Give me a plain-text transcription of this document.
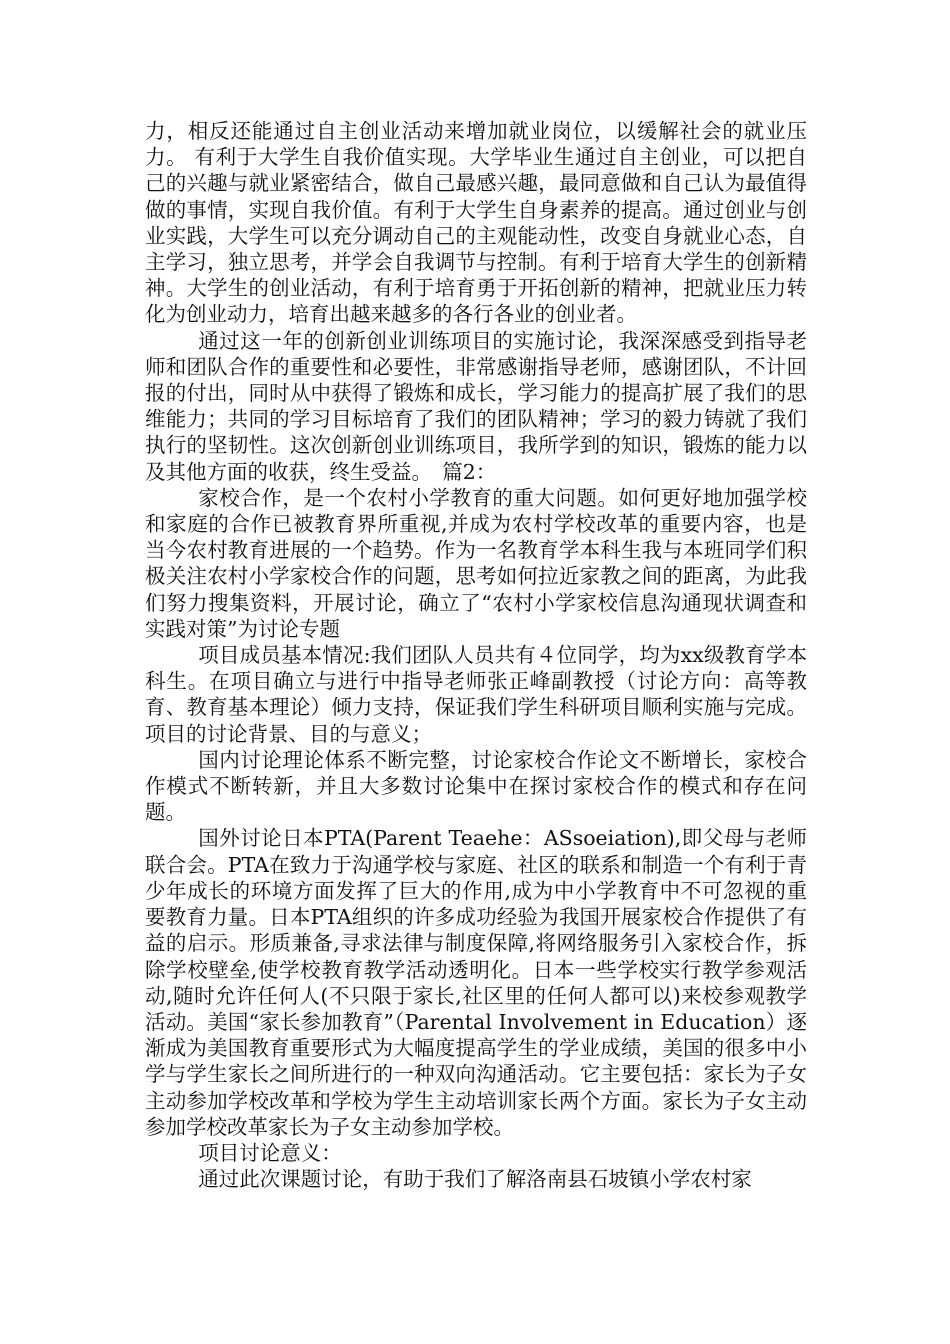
力，相反还能通过自主创业活动来增加就业岗位，以缓解社会的就业压力。 有利于大学生自我价值实现。大学毕业生通过自主创业，可以把自己的兴趣与就业紧密结合，做自己最感兴趣，最同意做和自己认为最值得做的事情，实现自我价值。有利于大学生自身素养的提高。通过创业与创业实践，大学生可以充分调动自己的主观能动性，改变自身就业心态，自主学习，独立思考，并学会自我调节与控制。有利于培育大学生的创新精神。大学生的创业活动，有利于培育勇于开拓创新的精神，把就业压力转化为创业动力，培育出越来越多的各行各业的创业者。

通过这一年的创新创业训练项目的实施讨论，我深深感受到指导老师和团队合作的重要性和必要性，非常感谢指导老师，感谢团队，不计回报的付出，同时从中获得了锻炼和成长，学习能力的提高扩展了我们的思维能力；共同的学习目标培育了我们的团队精神；学习的毅力铸就了我们执行的坚韧性。这次创新创业训练项目，我所学到的知识，锻炼的能力以及其他方面的收获，终生受益。　篇2：

家校合作，是一个农村小学教育的重大问题。如何更好地加强学校和家庭的合作已被教育界所重视,并成为农村学校改革的重要内容，也是当今农村教育进展的一个趋势。作为一名教育学本科生我与本班同学们积极关注农村小学家校合作的问题，思考如何拉近家教之间的距离，为此我们努力搜集资料，开展讨论，确立了“农村小学家校信息沟通现状调查和实践对策”为讨论专题

项目成员基本情况:我们团队人员共有４位同学，均为xx级教育学本科生。在项目确立与进行中指导老师张正峰副教授（讨论方向：高等教育、教育基本理论）倾力支持，保证我们学生科研项目顺利实施与完成。 项目的讨论背景、目的与意义；

国内讨论理论体系不断完整，讨论家校合作论文不断增长，家校合作模式不断转新，并且大多数讨论集中在探讨家校合作的模式和存在问题。

国外讨论日本PTA(Parent Teaehe：ASsoeiation),即父母与老师联合会。PTA在致力于沟通学校与家庭、社区的联系和制造一个有利于青少年成长的环境方面发挥了巨大的作用,成为中小学教育中不可忽视的重要教育力量。日本PTA组织的许多成功经验为我国开展家校合作提供了有益的启示。形质兼备,寻求法律与制度保障,将网络服务引入家校合作，拆除学校壁垒,使学校教育教学活动透明化。日本一些学校实行教学参观活动,随时允许任何人(不只限于家长,社区里的任何人都可以)来校参观教学活动。美国“家长参加教育”（Parental Involvement in Education）逐渐成为美国教育重要形式为大幅度提高学生的学业成绩，美国的很多中小学与学生家长之间所进行的一种双向沟通活动。它主要包括：家长为子女主动参加学校改革和学校为学生主动培训家长两个方面。家长为子女主动参加学校改革家长为子女主动参加学校。

项目讨论意义：

通过此次课题讨论，有助于我们了解洛南县石坡镇小学农村家
